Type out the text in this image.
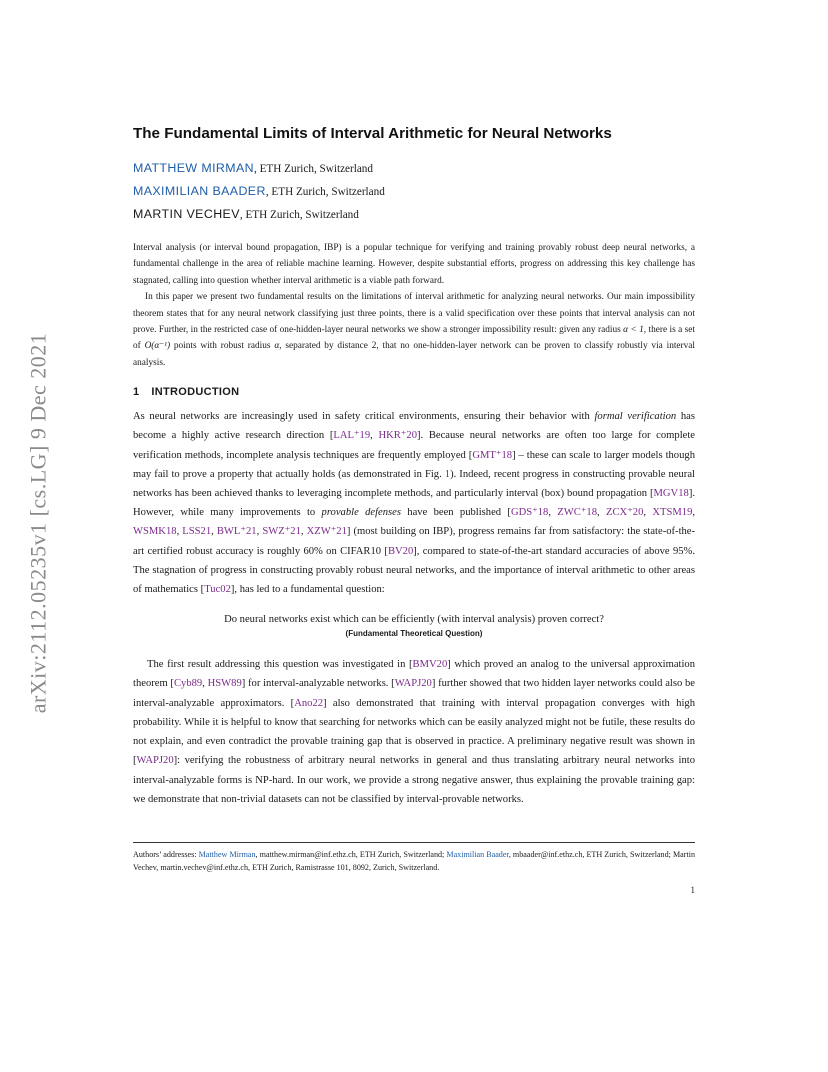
arXiv:2112.05235v1 [cs.LG] 9 Dec 2021
The Fundamental Limits of Interval Arithmetic for Neural Networks
MATTHEW MIRMAN, ETH Zurich, Switzerland
MAXIMILIAN BAADER, ETH Zurich, Switzerland
MARTIN VECHEV, ETH Zurich, Switzerland

Interval analysis (or interval bound propagation, IBP) is a popular technique for verifying and training provably robust deep neural networks, a fundamental challenge in the area of reliable machine learning. However, despite substantial efforts, progress on addressing this key challenge has stagnated, calling into question whether interval arithmetic is a viable path forward.

In this paper we present two fundamental results on the limitations of interval arithmetic for analyzing neural networks. Our main impossibility theorem states that for any neural network classifying just three points, there is a valid specification over these points that interval analysis can not prove. Further, in the restricted case of one-hidden-layer neural networks we show a stronger impossibility result: given any radius α < 1, there is a set of O(α⁻¹) points with robust radius α, separated by distance 2, that no one-hidden-layer network can be proven to classify robustly via interval analysis.

1 INTRODUCTION

As neural networks are increasingly used in safety critical environments, ensuring their behavior with formal verification has become a highly active research direction [LAL⁺19, HKR⁺20]. Because neural networks are often too large for complete verification methods, incomplete analysis techniques are frequently employed [GMT⁺18] – these can scale to larger models though may fail to prove a property that actually holds (as demonstrated in Fig. 1). Indeed, recent progress in constructing provable neural networks has been achieved thanks to leveraging incomplete methods, and particularly interval (box) bound propagation [MGV18]. However, while many improvements to provable defenses have been published [GDS⁺18, ZWC⁺18, ZCX⁺20, XTSM19, WSMK18, LSS21, BWL⁺21, SWZ⁺21, XZW⁺21] (most building on IBP), progress remains far from satisfactory: the state-of-the-art certified robust accuracy is roughly 60% on CIFAR10 [BV20], compared to state-of-the-art standard accuracies of above 95%. The stagnation of progress in constructing provably robust neural networks, and the importance of interval arithmetic to other areas of mathematics [Tuc02], has led to a fundamental question:

Do neural networks exist which can be efficiently (with interval analysis) proven correct?
(Fundamental Theoretical Question)

The first result addressing this question was investigated in [BMV20] which proved an analog to the universal approximation theorem [Cyb89, HSW89] for interval-analyzable networks. [WAPJ20] further showed that two hidden layer networks could also be interval-analyzable approximators. [Ano22] also demonstrated that training with interval propagation converges with high probability. While it is helpful to know that searching for networks which can be easily analyzed might not be futile, these results do not explain, and even contradict the provable training gap that is observed in practice. A preliminary negative result was shown in [WAPJ20]: verifying the robustness of arbitrary neural networks in general and thus translating arbitrary neural networks into interval-analyzable forms is NP-hard. In our work, we provide a strong negative answer, thus explaining the provable training gap: we demonstrate that non-trivial datasets can not be classified by interval-provable networks.

Authors’ addresses: Matthew Mirman, matthew.mirman@inf.ethz.ch, ETH Zurich, Switzerland; Maximilian Baader, mbaader@inf.ethz.ch, ETH Zurich, Switzerland; Martin Vechev, martin.vechev@inf.ethz.ch, ETH Zurich, Ramistrasse 101, 8092, Zurich, Switzerland.

1
